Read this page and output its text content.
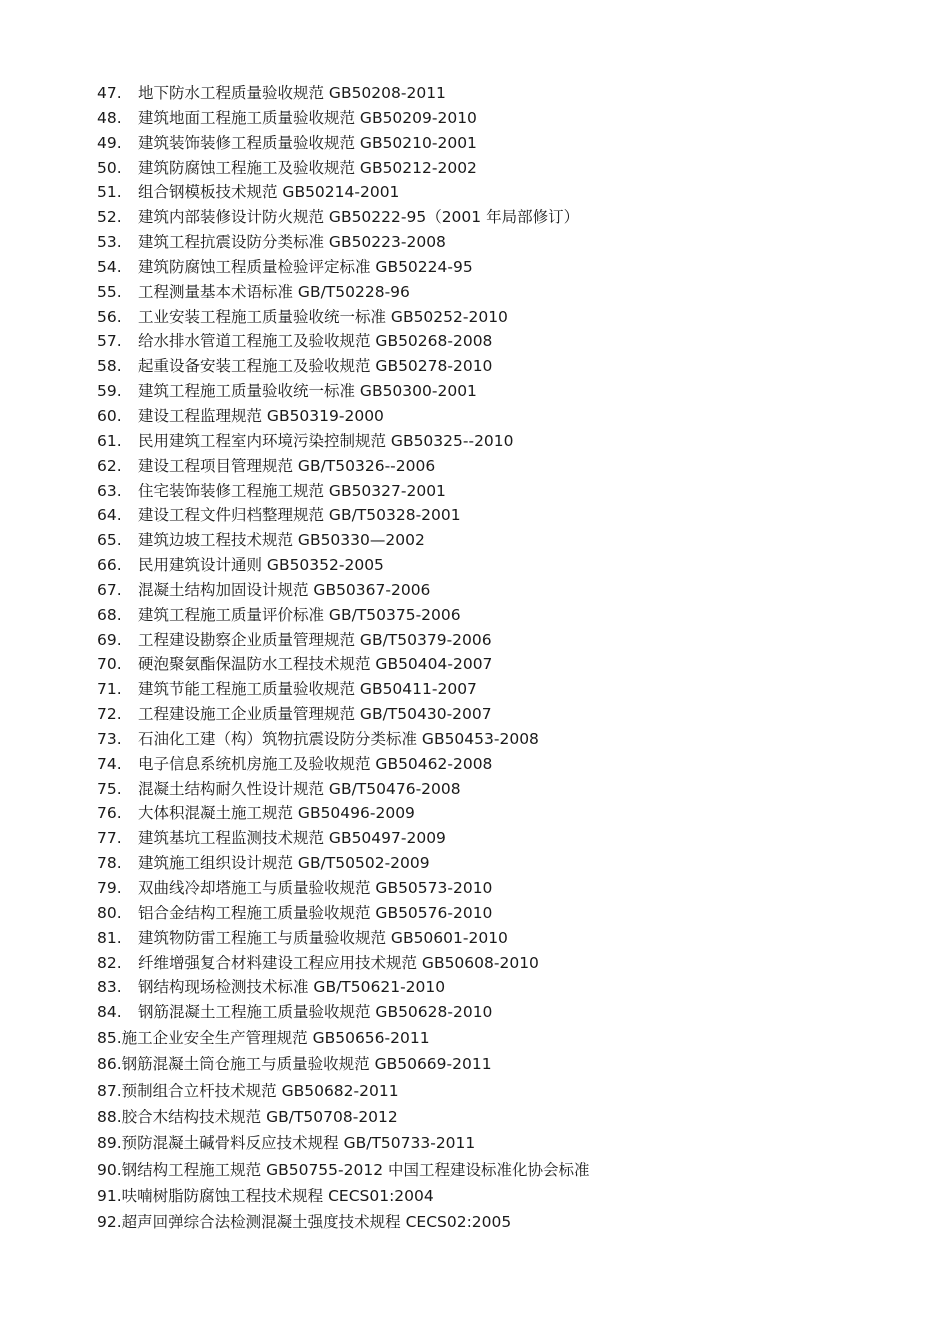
47. 地下防水工程质量验收规范 GB50208-2011
48. 建筑地面工程施工质量验收规范 GB50209-2010
49. 建筑装饰装修工程质量验收规范 GB50210-2001
50. 建筑防腐蚀工程施工及验收规范 GB50212-2002
51. 组合钢模板技术规范 GB50214-2001
52. 建筑内部装修设计防火规范 GB50222-95（2001 年局部修订）
53. 建筑工程抗震设防分类标准 GB50223-2008
54. 建筑防腐蚀工程质量检验评定标准 GB50224-95
55. 工程测量基本术语标准 GB/T50228-96
56. 工业安装工程施工质量验收统一标准 GB50252-2010
57. 给水排水管道工程施工及验收规范 GB50268-2008
58. 起重设备安装工程施工及验收规范 GB50278-2010
59. 建筑工程施工质量验收统一标准 GB50300-2001
60. 建设工程监理规范 GB50319-2000
61. 民用建筑工程室内环境污染控制规范 GB50325--2010
62. 建设工程项目管理规范 GB/T50326--2006
63. 住宅装饰装修工程施工规范 GB50327-2001
64. 建设工程文件归档整理规范 GB/T50328-2001
65. 建筑边坡工程技术规范 GB50330—2002
66. 民用建筑设计通则 GB50352-2005
67. 混凝土结构加固设计规范 GB50367-2006
68. 建筑工程施工质量评价标准 GB/T50375-2006
69. 工程建设勘察企业质量管理规范 GB/T50379-2006
70. 硬泡聚氨酯保温防水工程技术规范 GB50404-2007
71. 建筑节能工程施工质量验收规范 GB50411-2007
72. 工程建设施工企业质量管理规范 GB/T50430-2007
73. 石油化工建（构）筑物抗震设防分类标准 GB50453-2008
74. 电子信息系统机房施工及验收规范 GB50462-2008
75. 混凝土结构耐久性设计规范 GB/T50476-2008
76. 大体积混凝土施工规范 GB50496-2009
77. 建筑基坑工程监测技术规范 GB50497-2009
78. 建筑施工组织设计规范 GB/T50502-2009
79. 双曲线冷却塔施工与质量验收规范 GB50573-2010
80. 铝合金结构工程施工质量验收规范 GB50576-2010
81. 建筑物防雷工程施工与质量验收规范 GB50601-2010
82. 纤维增强复合材料建设工程应用技术规范 GB50608-2010
83. 钢结构现场检测技术标准 GB/T50621-2010
84. 钢筋混凝土工程施工质量验收规范 GB50628-2010
85.施工企业安全生产管理规范 GB50656-2011
86.钢筋混凝土筒仓施工与质量验收规范 GB50669-2011
87.预制组合立杆技术规范 GB50682-2011
88.胶合木结构技术规范 GB/T50708-2012
89.预防混凝土碱骨料反应技术规程 GB/T50733-2011
90.钢结构工程施工规范 GB50755-2012 中国工程建设标准化协会标准
91.呋喃树脂防腐蚀工程技术规程 CECS01:2004
92.超声回弹综合法检测混凝土强度技术规程 CECS02:2005
